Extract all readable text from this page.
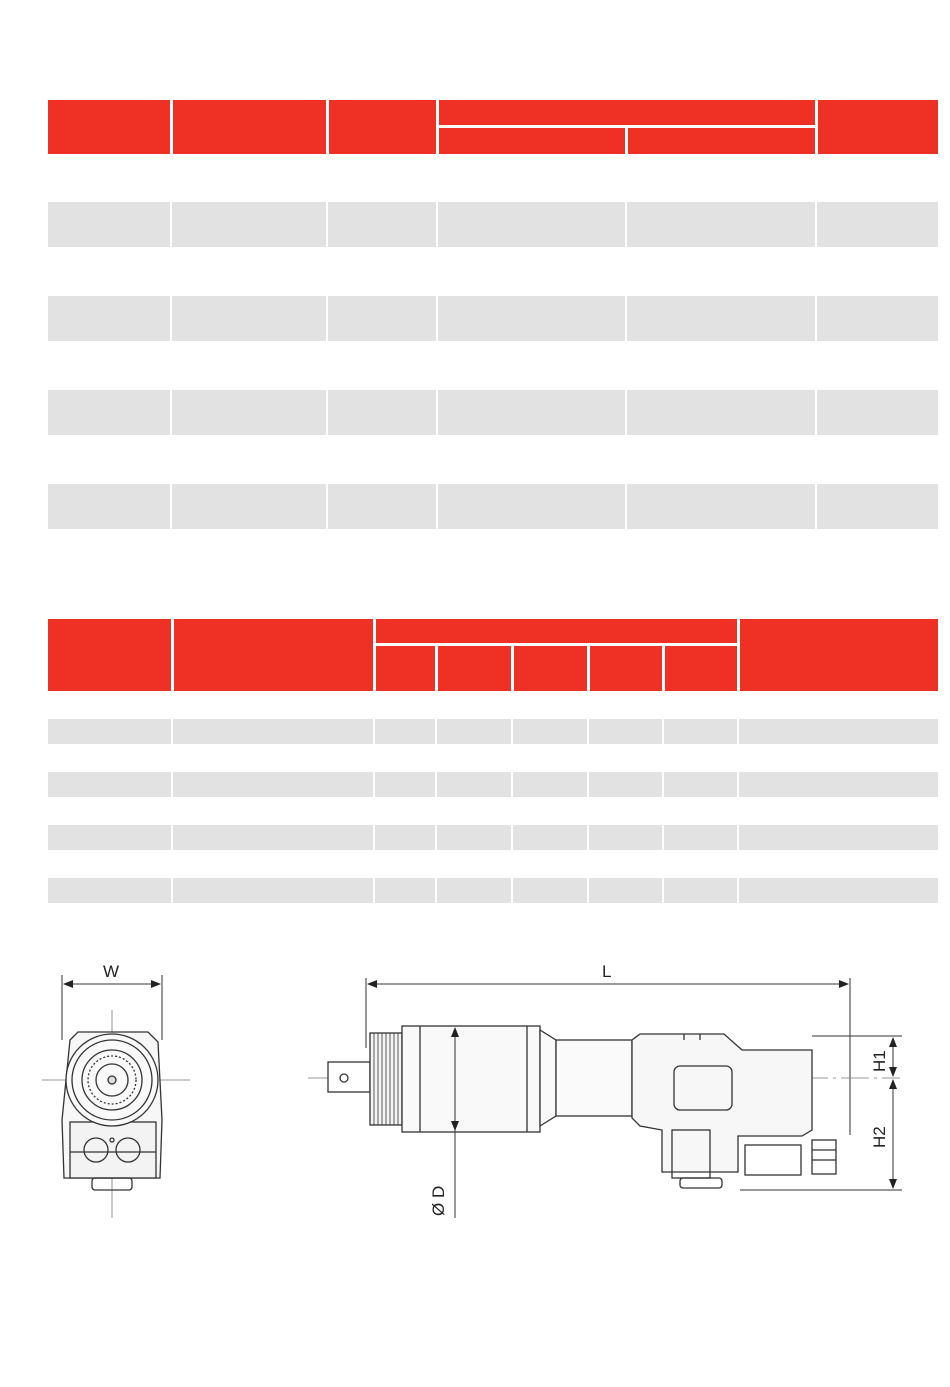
W	L
H1
H2
Ø D
